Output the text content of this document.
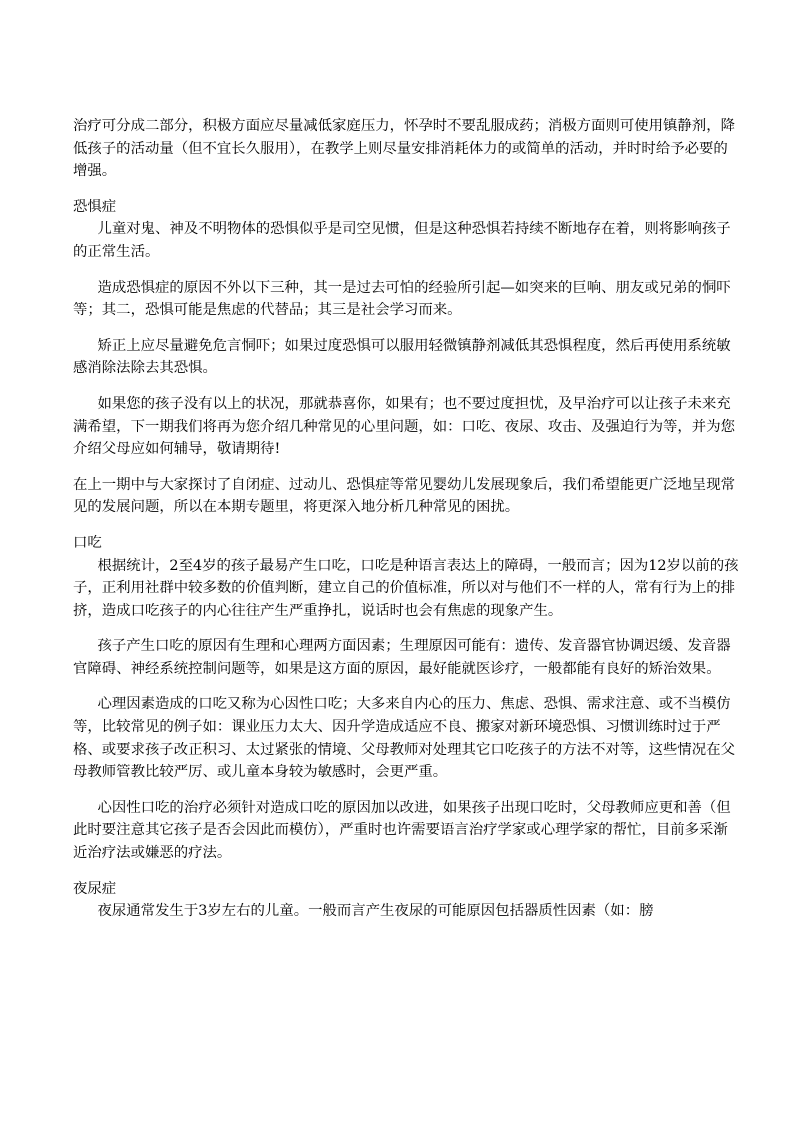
治疗可分成二部分，积极方面应尽量减低家庭压力，怀孕时不要乱服成药；消极方面则可使用镇静剂，降低孩子的活动量（但不宜长久服用），在教学上则尽量安排消耗体力的或简单的活动，并时时给予必要的增强。

恐惧症

儿童对鬼、神及不明物体的恐惧似乎是司空见惯，但是这种恐惧若持续不断地存在着，则将影响孩子的正常生活。

造成恐惧症的原因不外以下三种，其一是过去可怕的经验所引起—如突来的巨响、朋友或兄弟的恫吓等；其二，恐惧可能是焦虑的代替品；其三是社会学习而来。

矫正上应尽量避免危言恫吓；如果过度恐惧可以服用轻微镇静剂减低其恐惧程度，然后再使用系统敏感消除法除去其恐惧。

如果您的孩子没有以上的状况，那就恭喜你，如果有；也不要过度担忧，及早治疗可以让孩子未来充满希望，下一期我们将再为您介绍几种常见的心里问题，如：口吃、夜尿、攻击、及强迫行为等，并为您介绍父母应如何辅导，敬请期待!

在上一期中与大家探讨了自闭症、过动儿、恐惧症等常见婴幼儿发展现象后，我们希望能更广泛地呈现常见的发展问题，所以在本期专题里，将更深入地分析几种常见的困扰。

口吃

根据统计，2至4岁的孩子最易产生口吃，口吃是种语言表达上的障碍，一般而言；因为12岁以前的孩子，正利用社群中较多数的价值判断，建立自己的价值标准，所以对与他们不一样的人，常有行为上的排挤，造成口吃孩子的内心往往产生严重挣扎，说话时也会有焦虑的现象产生。

孩子产生口吃的原因有生理和心理两方面因素；生理原因可能有：遗传、发音器官协调迟缓、发音器官障碍、神经系统控制问题等，如果是这方面的原因，最好能就医诊疗，一般都能有良好的矫治效果。

心理因素造成的口吃又称为心因性口吃；大多来自内心的压力、焦虑、恐惧、需求注意、或不当模仿等，比较常见的例子如：课业压力太大、因升学造成适应不良、搬家对新环境恐惧、习惯训练时过于严格、或要求孩子改正积习、太过紧张的情境、父母教师对处理其它口吃孩子的方法不对等，这些情况在父母教师管教比较严厉、或儿童本身较为敏感时，会更严重。

心因性口吃的治疗必须针对造成口吃的原因加以改进，如果孩子出现口吃时，父母教师应更和善（但此时要注意其它孩子是否会因此而模仿），严重时也许需要语言治疗学家或心理学家的帮忙，目前多采渐近治疗法或嫌恶的疗法。

夜尿症

夜尿通常发生于3岁左右的儿童。一般而言产生夜尿的可能原因包括器质性因素（如：膀
